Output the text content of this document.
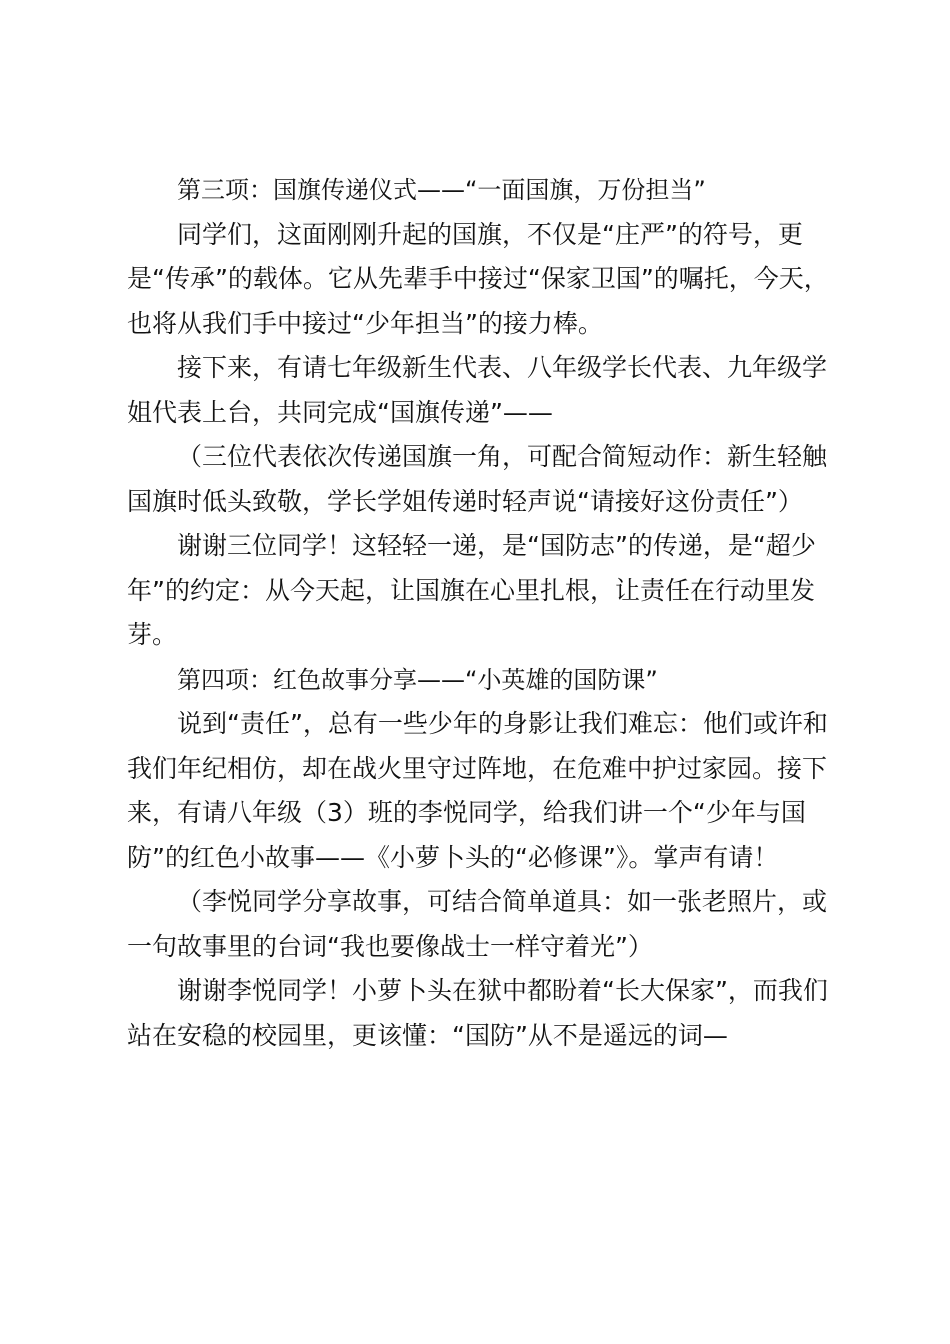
第三项：国旗传递仪式——“一面国旗，万份担当”

同学们，这面刚刚升起的国旗，不仅是“庄严”的符号，更是“传承”的载体。它从先辈手中接过“保家卫国”的嘱托，今天，也将从我们手中接过“少年担当”的接力棒。

接下来，有请七年级新生代表、八年级学长代表、九年级学姐代表上台，共同完成“国旗传递”——

（三位代表依次传递国旗一角，可配合简短动作：新生轻触国旗时低头致敬，学长学姐传递时轻声说“请接好这份责任”）

谢谢三位同学！这轻轻一递，是“国防志”的传递，是“超少年”的约定：从今天起，让国旗在心里扎根，让责任在行动里发芽。

第四项：红色故事分享——“小英雄的国防课”

说到“责任”，总有一些少年的身影让我们难忘：他们或许和我们年纪相仿，却在战火里守过阵地，在危难中护过家园。接下来，有请八年级（3）班的李悦同学，给我们讲一个“少年与国防”的红色小故事——《小萝卜头的“必修课”》。掌声有请！

（李悦同学分享故事，可结合简单道具：如一张老照片，或一句故事里的台词“我也要像战士一样守着光”）

谢谢李悦同学！小萝卜头在狱中都盼着“长大保家”，而我们站在安稳的校园里，更该懂：“国防”从不是遥远的词—
